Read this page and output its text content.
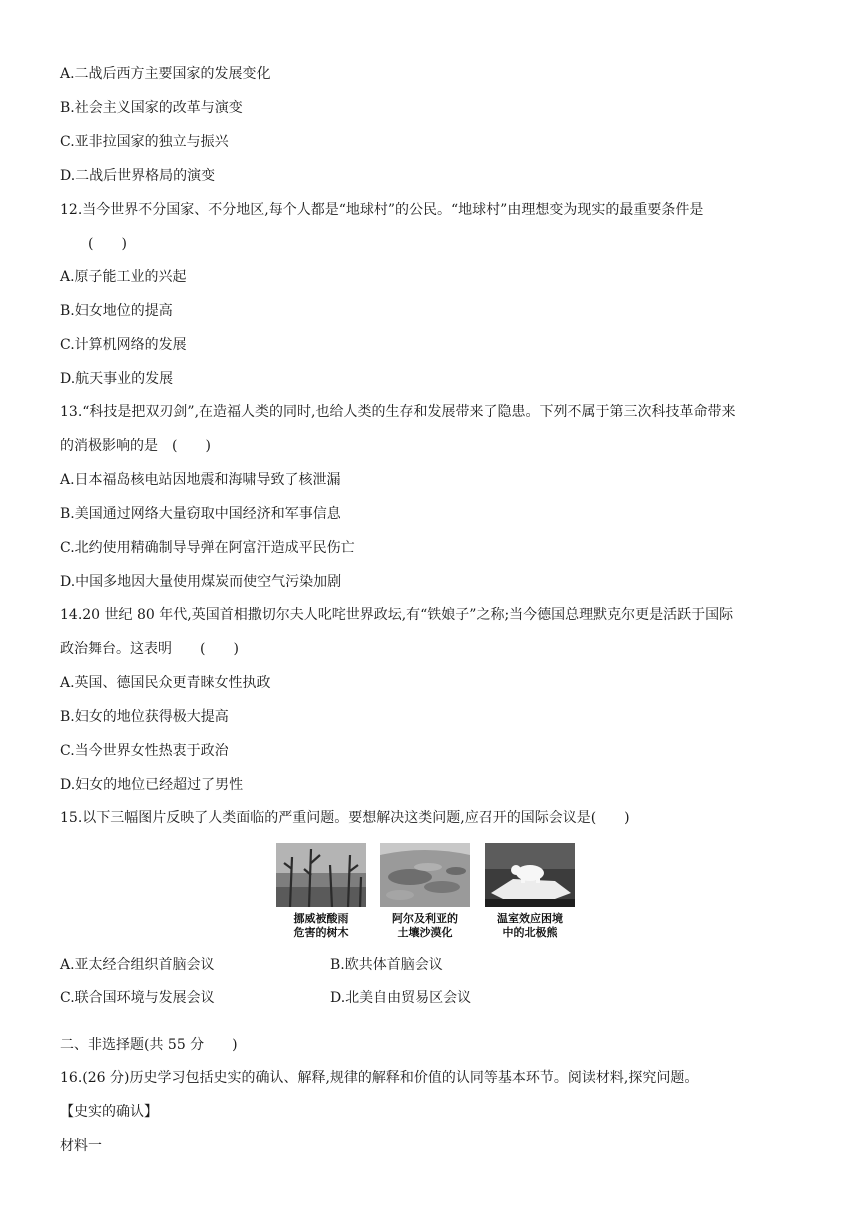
A.二战后西方主要国家的发展变化
B.社会主义国家的改革与演变
C.亚非拉国家的独立与振兴
D.二战后世界格局的演变
12.当今世界不分国家、不分地区,每个人都是“地球村”的公民。“地球村”由理想变为现实的最重要条件是
(　　)
A.原子能工业的兴起
B.妇女地位的提高
C.计算机网络的发展
D.航天事业的发展
13.“科技是把双刃剑”,在造福人类的同时,也给人类的生存和发展带来了隐患。下列不属于第三次科技革命带来
的消极影响的是　(　　)
A.日本福岛核电站因地震和海啸导致了核泄漏
B.美国通过网络大量窃取中国经济和军事信息
C.北约使用精确制导导弹在阿富汗造成平民伤亡
D.中国多地因大量使用煤炭而使空气污染加剧
14.20 世纪 80 年代,英国首相撒切尔夫人叱咤世界政坛,有“铁娘子”之称;当今德国总理默克尔更是活跃于国际
政治舞台。这表明　　(　　)
A.英国、德国民众更青睐女性执政
B.妇女的地位获得极大提高
C.当今世界女性热衷于政治
D.妇女的地位已经超过了男性
15.以下三幅图片反映了人类面临的严重问题。要想解决这类问题,应召开的国际会议是(　　)
挪威被酸雨
危害的树木
阿尔及利亚的
土壤沙漠化
温室效应困境
中的北极熊
A.亚太经合组织首脑会议	B.欧共体首脑会议
C.联合国环境与发展会议	D.北美自由贸易区会议
二、非选择题(共 55 分　　)
16.(26 分)历史学习包括史实的确认、解释,规律的解释和价值的认同等基本环节。阅读材料,探究问题。
【史实的确认】
材料一
